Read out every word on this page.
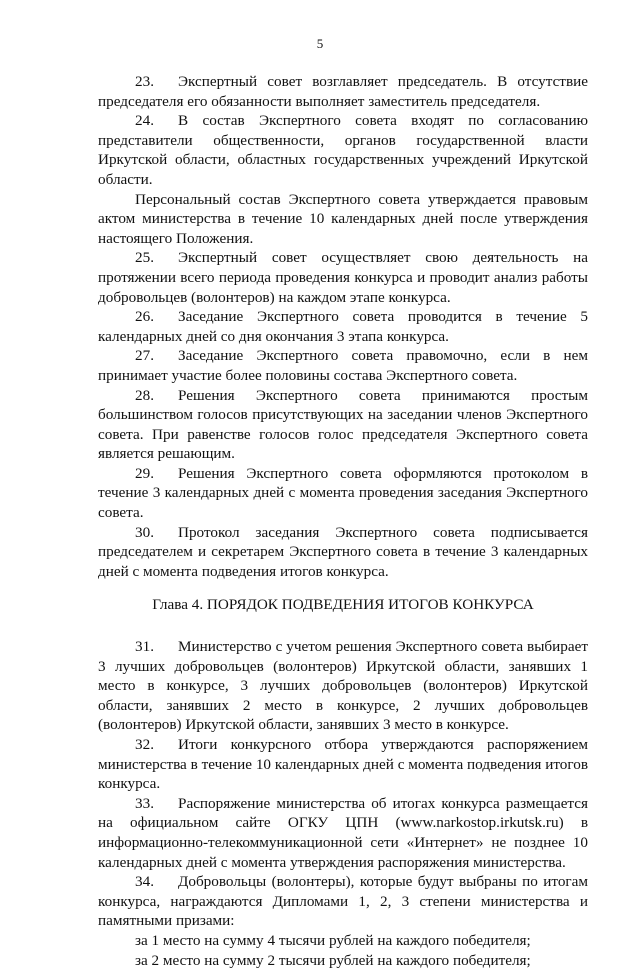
5

23. Экспертный совет возглавляет председатель. В отсутствие председателя его обязанности выполняет заместитель председателя.

24. В состав Экспертного совета входят по согласованию представители общественности, органов государственной власти Иркутской области, областных государственных учреждений Иркутской области.

Персональный состав Экспертного совета утверждается правовым актом министерства в течение 10 календарных дней после утверждения настоящего Положения.

25. Экспертный совет осуществляет свою деятельность на протяжении всего периода проведения конкурса и проводит анализ работы добровольцев (волонтеров) на каждом этапе конкурса.

26. Заседание Экспертного совета проводится в течение 5 календарных дней со дня окончания 3 этапа конкурса.

27. Заседание Экспертного совета правомочно, если в нем принимает участие более половины состава Экспертного совета.

28. Решения Экспертного совета принимаются простым большинством голосов присутствующих на заседании членов Экспертного совета. При равенстве голосов голос председателя Экспертного совета является решающим.

29. Решения Экспертного совета оформляются протоколом в течение 3 календарных дней с момента проведения заседания Экспертного совета.

30. Протокол заседания Экспертного совета подписывается председателем и секретарем Экспертного совета в течение 3 календарных дней с момента подведения итогов конкурса.

Глава 4. ПОРЯДОК ПОДВЕДЕНИЯ ИТОГОВ КОНКУРСА

31. Министерство с учетом решения Экспертного совета выбирает 3 лучших добровольцев (волонтеров) Иркутской области, занявших 1 место в конкурсе, 3 лучших добровольцев (волонтеров) Иркутской области, занявших 2 место в конкурсе, 2 лучших добровольцев (волонтеров) Иркутской области, занявших 3 место в конкурсе.

32. Итоги конкурсного отбора утверждаются распоряжением министерства в течение 10 календарных дней с момента подведения итогов конкурса.

33. Распоряжение министерства об итогах конкурса размещается на официальном сайте ОГКУ ЦПН (www.narkostop.irkutsk.ru) в информационно-телекоммуникационной сети «Интернет» не позднее 10 календарных дней с момента утверждения распоряжения министерства.

34. Добровольцы (волонтеры), которые будут выбраны по итогам конкурса, награждаются Дипломами 1, 2, 3 степени министерства и памятными призами:

за 1 место на сумму 4 тысячи рублей на каждого победителя;

за 2 место на сумму 2 тысячи рублей на каждого победителя;
